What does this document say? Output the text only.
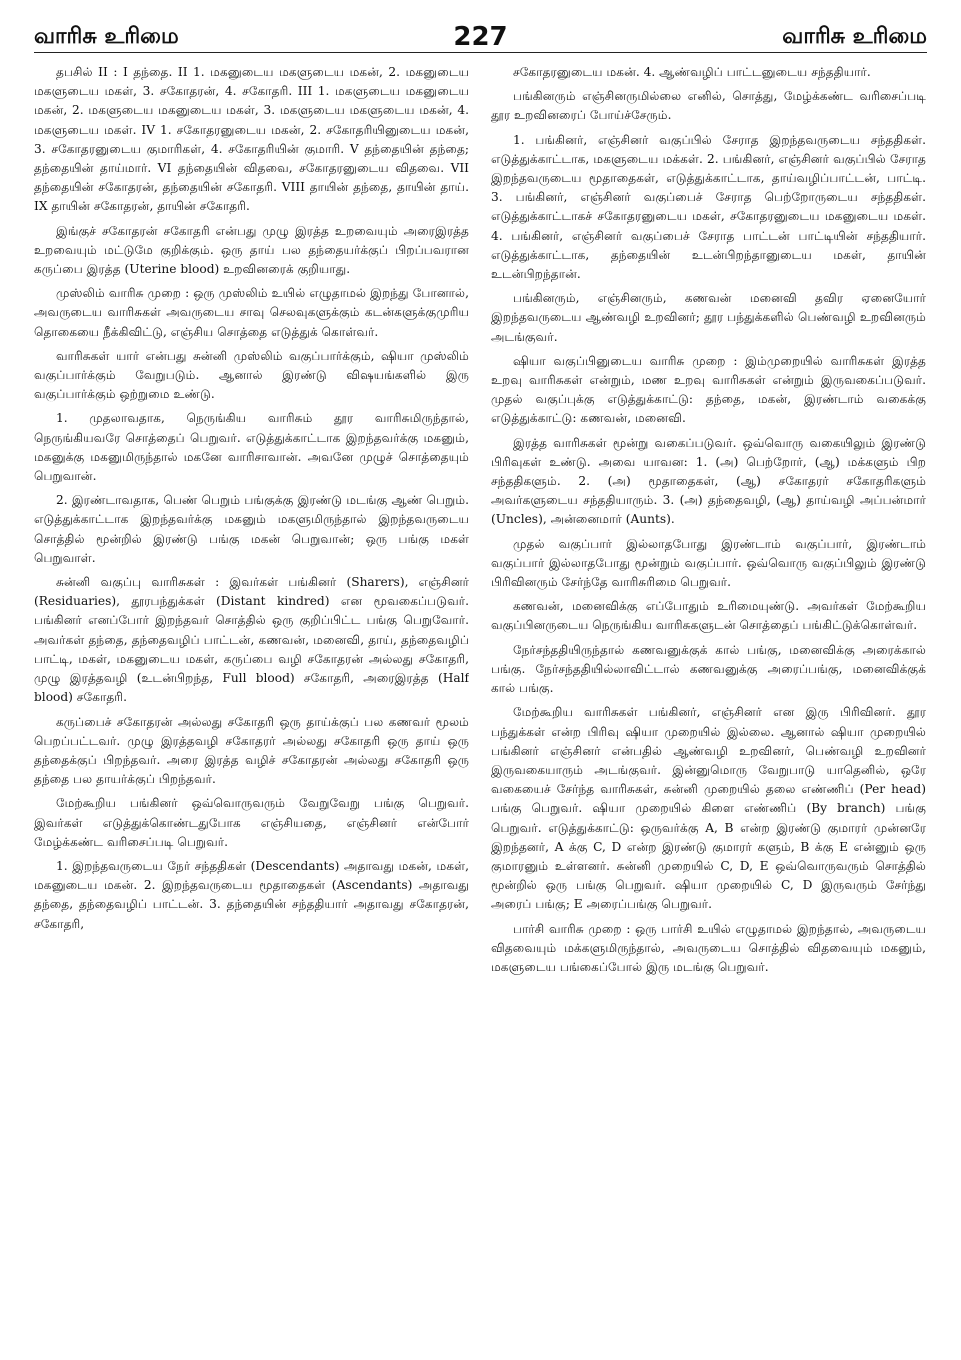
வாரிசு உரிமை	227	வாரிசு உரிமை

தபசில் II : I தந்தை. II 1. மகனுடைய மகளுடைய மகன், 2. மகனுடைய மகளுடைய மகள், 3. சகோதரன், 4. சகோதரி. III 1. மகளுடைய மகனுடைய மகன், 2. மகளுடைய மகனுடைய மகள், 3. மகளுடைய மகளுடைய மகன், 4. மகளுடைய மகள். IV 1. சகோதரனுடைய மகன், 2. சகோதரியினுடைய மகன், 3. சகோதரனுடைய குமாரிகள், 4. சகோதரியின் குமாரி. V தந்தையின் தந்தை; தந்தையின் தாய்மார். VI தந்தையின் விதவை, சகோதரனுடைய விதவை. VII தந்தையின் சகோதரன், தந்தையின் சகோதரி. VIII தாயின் தந்தை, தாயின் தாய். IX தாயின் சகோதரன், தாயின் சகோதரி.

இங்குச் சகோதரன் சகோதரி என்பது முழு இரத்த உறவையும் அரைஇரத்த உறவையும் மட்டுமே குறிக்கும். ஒரு தாய் பல தந்தையர்க்குப் பிறப்பவரான கருப்பை இரத்த (Uterine blood) உறவினரைக் குறியாது.

முஸ்லிம் வாரிசு முறை : ஒரு முஸ்லிம் உயில் எழுதாமல் இறந்து போனால், அவருடைய வாரிசுகள் அவருடைய சாவு செலவுகளுக்கும் கடன்களுக்குமுரிய தொகையை நீக்கிவிட்டு, எஞ்சிய சொத்தை எடுத்துக் கொள்வர்.

வாரிசுகள் யார் என்பது சுன்னி முஸ்லிம் வகுப்பார்க்கும், ஷியா முஸ்லிம் வகுப்பார்க்கும் வேறுபடும். ஆனால் இரண்டு விஷயங்களில் இரு வகுப்பார்க்கும் ஒற்றுமை உண்டு.

1. முதலாவதாக, நெருங்கிய வாரிசும் தூர வாரிசுமிருந்தால், நெருங்கியவரே சொத்தைப் பெறுவர். எடுத்துக்காட்டாக இறந்தவர்க்கு மகனும், மகனுக்கு மகனுமிருந்தால் மகனே வாரிசாவான். அவனே முழுச் சொத்தையும் பெறுவான்.

2. இரண்டாவதாக, பெண் பெறும் பங்குக்கு இரண்டு மடங்கு ஆண் பெறும். எடுத்துக்காட்டாக இறந்தவர்க்கு மகனும் மகளுமிருந்தால் இறந்தவருடைய சொத்தில் மூன்றில் இரண்டு பங்கு மகன் பெறுவான்; ஒரு பங்கு மகள் பெறுவாள்.

சுன்னி வகுப்பு வாரிசுகள் : இவர்கள் பங்கினர் (Sharers), எஞ்சினர் (Residuaries), தூரபந்துக்கள் (Distant kindred) என மூவகைப்படுவர். பங்கினர் எனப்போர் இறந்தவர் சொத்தில் ஒரு குறிப்பிட்ட பங்கு பெறுவோர். அவர்கள் தந்தை, தந்தைவழிப் பாட்டன், கணவன், மனைவி, தாய், தந்தைவழிப் பாட்டி, மகள், மகனுடைய மகள், கருப்பை வழி சகோதரன் அல்லது சகோதரி, முழு இரத்தவழி (உடன்பிறந்த, Full blood) சகோதரி, அரைஇரத்த (Half blood) சகோதரி.

கருப்பைச் சகோதரன் அல்லது சகோதரி ஒரு தாய்க்குப் பல கணவர் மூலம் பெறப்பட்டவர். முழு இரத்தவழி சகோதரர் அல்லது சகோதரி ஒரு தாய் ஒரு தந்தைக்குப் பிறந்தவர். அரை இரத்த வழிச் சகோதரன் அல்லது சகோதரி ஒரு தந்தை பல தாயர்க்குப் பிறந்தவர்.

மேற்கூறிய பங்கினர் ஒவ்வொருவரும் வேறுவேறு பங்கு பெறுவர். இவர்கள் எடுத்துக்கொண்டதுபோக எஞ்சியதை, எஞ்சினர் என்போர் மேழ்க்கண்ட வரிசைப்படி பெறுவர்.

1. இறந்தவருடைய நேர் சந்ததிகள் (Descendants) அதாவது மகன், மகள், மகனுடைய மகன். 2. இறந்தவருடைய மூதாதைகள் (Ascendants) அதாவது தந்தை, தந்தைவழிப் பாட்டன். 3. தந்தையின் சந்ததியார் அதாவது சகோதரன், சகோதரி,

சகோதரனுடைய மகன். 4. ஆண்வழிப் பாட்டனுடைய சந்ததியார்.

பங்கினரும் எஞ்சினருமில்லை எனில், சொத்து, மேழ்க்கண்ட வரிசைப்படி தூர உறவினரைப் போய்ச்சேரும்.

1. பங்கினர், எஞ்சினர் வகுப்பில் சேராத இறந்தவருடைய சந்ததிகள். எடுத்துக்காட்டாக, மகளுடைய மக்கள். 2. பங்கினர், எஞ்சினர் வகுப்பில் சேராத இறந்தவருடைய மூதாதைகள், எடுத்துக்காட்டாக, தாய்வழிப்பாட்டன், பாட்டி. 3. பங்கினர், எஞ்சினர் வகுப்பைச் சேராத பெற்றோருடைய சந்ததிகள். எடுத்துக்காட்டாகச் சகோதரனுடைய மகள், சகோதரனுடைய மகனுடைய மகள். 4. பங்கினர், எஞ்சினர் வகுப்பைச் சேராத பாட்டன் பாட்டியின் சந்ததியார். எடுத்துக்காட்டாக, தந்தையின் உடன்பிறந்தானுடைய மகள், தாயின் உடன்பிறந்தான்.

பங்கினரும், எஞ்சினரும், கணவன் மனைவி தவிர ஏனையோர் இறந்தவருடைய ஆண்வழி உறவினர்; தூர பந்துக்களில் பெண்வழி உறவினரும் அடங்குவர்.

ஷியா வகுப்பினுடைய வாரிசு முறை : இம்முறையில் வாரிசுகள் இரத்த உறவு வாரிசுகள் என்றும், மண உறவு வாரிசுகள் என்றும் இருவகைப்படுவர். முதல் வகுப்புக்கு எடுத்துக்காட்டு: தந்தை, மகன், இரண்டாம் வகைக்கு எடுத்துக்காட்டு: கணவன், மனைவி.

இரத்த வாரிசுகள் மூன்று வகைப்படுவர். ஒவ்வொரு வகையிலும் இரண்டு பிரிவுகள் உண்டு. அவை யாவன: 1. (அ) பெற்றோர், (ஆ) மக்களும் பிற சந்ததிகளும். 2. (அ) மூதாதைகள், (ஆ) சகோதரர் சகோதரிகளும் அவர்களுடைய சந்ததியாரும். 3. (அ) தந்தைவழி, (ஆ) தாய்வழி அப்பன்மார் (Uncles), அன்னைமார் (Aunts).

முதல் வகுப்பார் இல்லாதபோது இரண்டாம் வகுப்பார், இரண்டாம் வகுப்பார் இல்லாதபோது மூன்றும் வகுப்பார். ஒவ்வொரு வகுப்பிலும் இரண்டு பிரிவினரும் சேர்ந்தே வாரிசுரிமை பெறுவர்.

கணவன், மனைவிக்கு எப்போதும் உரிமையுண்டு. அவர்கள் மேற்கூறிய வகுப்பினருடைய நெருங்கிய வாரிசுகளுடன் சொத்தைப் பங்கிட்டுக்கொள்வர்.

நேர்சந்ததியிருந்தால் கணவனுக்குக் கால் பங்கு, மனைவிக்கு அரைக்கால் பங்கு. நேர்சந்ததியில்லாவிட்டால் கணவனுக்கு அரைப்பங்கு, மனைவிக்குக் கால் பங்கு.

மேற்கூறிய வாரிசுகள் பங்கினர், எஞ்சினர் என இரு பிரிவினர். தூர பந்துக்கள் என்ற பிரிவு ஷியா முறையில் இல்லை. ஆனால் ஷியா முறையில் பங்கினர் எஞ்சினர் என்பதில் ஆண்வழி உறவினர், பெண்வழி உறவினர் இருவகையாரும் அடங்குவர். இன்னுமொரு வேறுபாடு யாதெனில், ஒரே வகையைச் சேர்ந்த வாரிசுகள், சுன்னி முறையில் தலை எண்ணிப் (Per head) பங்கு பெறுவர். ஷியா முறையில் கிளை எண்ணிப் (By branch) பங்கு பெறுவர். எடுத்துக்காட்டு: ஒருவர்க்கு A, B என்ற இரண்டு குமாரர் முன்னரே இறந்தனர், A க்கு C, D என்ற இரண்டு குமாரர் களும், B க்கு E என்னும் ஒரு குமாரனும் உள்ளனர். சுன்னி முறையில் C, D, E ஒவ்வொருவரும் சொத்தில் மூன்றில் ஒரு பங்கு பெறுவர். ஷியா முறையில் C, D இருவரும் சேர்ந்து அரைப் பங்கு; E அரைப்பங்கு பெறுவர்.

பார்சி வாரிசு முறை : ஒரு பார்சி உயில் எழுதாமல் இறந்தால், அவருடைய விதவையும் மக்களுமிருந்தால், அவருடைய சொத்தில் விதவையும் மகனும், மகளுடைய பங்கைப்போல் இரு மடங்கு பெறுவர்.
